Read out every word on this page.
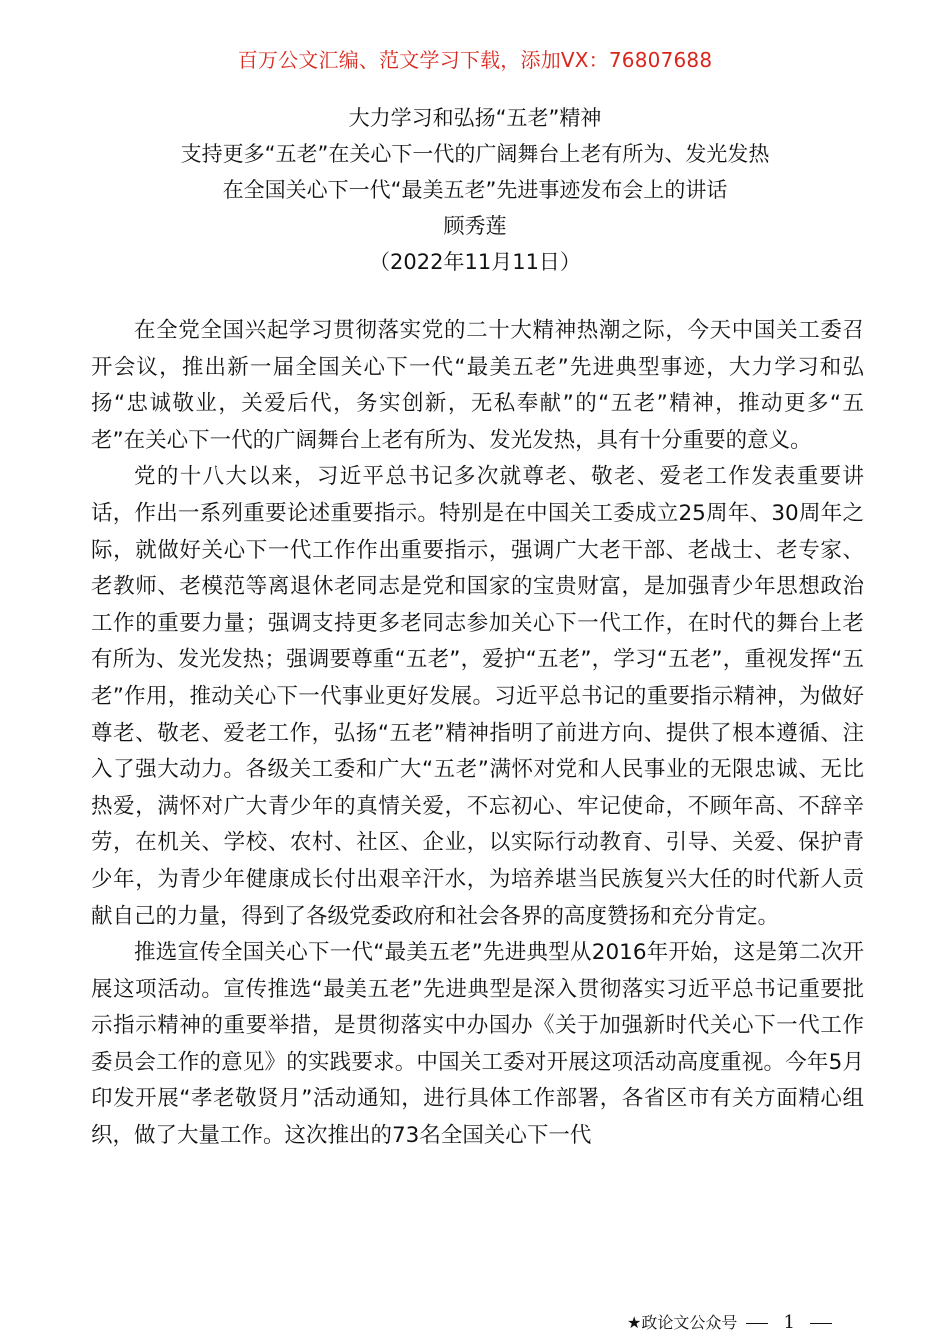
百万公文汇编、范文学习下载，添加VX：76807688
大力学习和弘扬“五老”精神
支持更多“五老”在关心下一代的广阔舞台上老有所为、发光发热
在全国关心下一代“最美五老”先进事迹发布会上的讲话
顾秀莲
（2022年11月11日）

在全党全国兴起学习贯彻落实党的二十大精神热潮之际，今天中国关工委召开会议，推出新一届全国关心下一代“最美五老”先进典型事迹，大力学习和弘扬“忠诚敬业，关爱后代，务实创新，无私奉献”的“五老”精神，推动更多“五老”在关心下一代的广阔舞台上老有所为、发光发热，具有十分重要的意义。

党的十八大以来，习近平总书记多次就尊老、敬老、爱老工作发表重要讲话，作出一系列重要论述重要指示。特别是在中国关工委成立25周年、30周年之际，就做好关心下一代工作作出重要指示，强调广大老干部、老战士、老专家、老教师、老模范等离退休老同志是党和国家的宝贵财富，是加强青少年思想政治工作的重要力量；强调支持更多老同志参加关心下一代工作，在时代的舞台上老有所为、发光发热；强调要尊重“五老”，爱护“五老”，学习“五老”，重视发挥“五老”作用，推动关心下一代事业更好发展。习近平总书记的重要指示精神，为做好尊老、敬老、爱老工作，弘扬“五老”精神指明了前进方向、提供了根本遵循、注入了强大动力。各级关工委和广大“五老”满怀对党和人民事业的无限忠诚、无比热爱，满怀对广大青少年的真情关爱，不忘初心、牢记使命，不顾年高、不辞辛劳，在机关、学校、农村、社区、企业，以实际行动教育、引导、关爱、保护青少年，为青少年健康成长付出艰辛汗水，为培养堪当民族复兴大任的时代新人贡献自己的力量，得到了各级党委政府和社会各界的高度赞扬和充分肯定。

推选宣传全国关心下一代“最美五老”先进典型从2016年开始，这是第二次开展这项活动。宣传推选“最美五老”先进典型是深入贯彻落实习近平总书记重要批示指示精神的重要举措，是贯彻落实中办国办《关于加强新时代关心下一代工作委员会工作的意见》的实践要求。中国关工委对开展这项活动高度重视。今年5月印发开展“孝老敬贤月”活动通知，进行具体工作部署，各省区市有关方面精心组织，做了大量工作。这次推出的73名全国关心下一代

★政论文公众号	1
